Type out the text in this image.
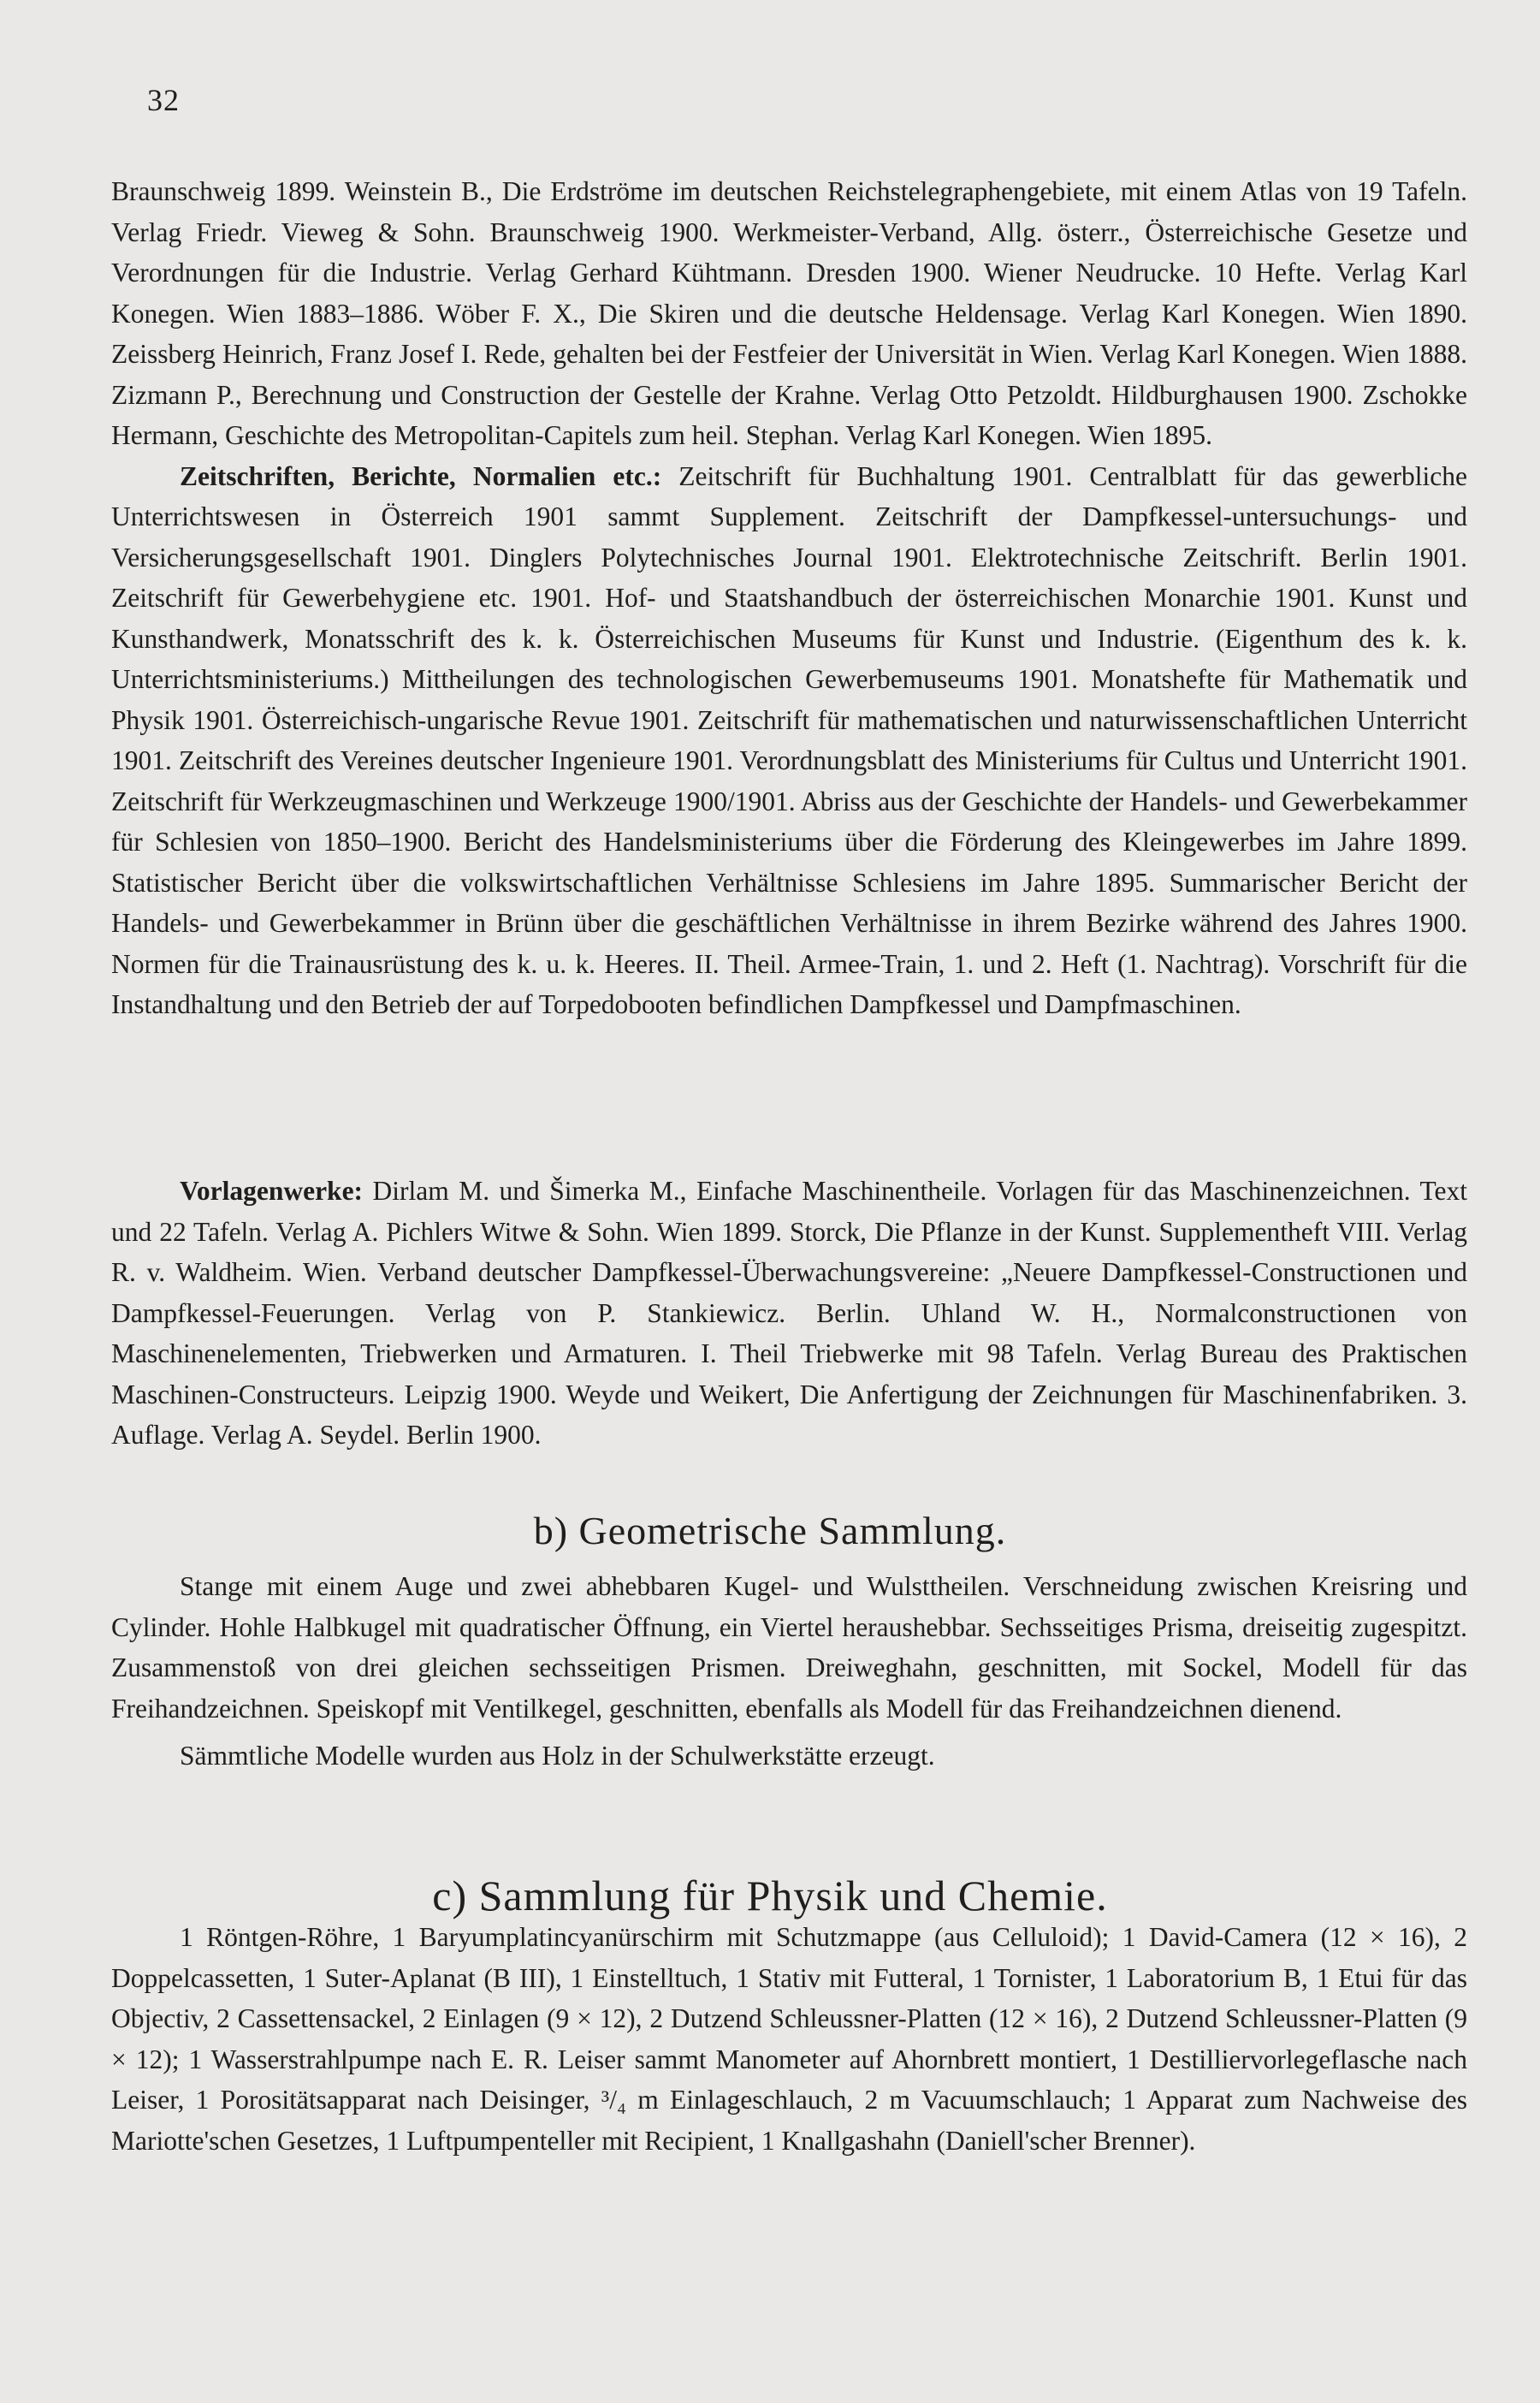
32

Braunschweig 1899. Weinstein B., Die Erdströme im deutschen Reichstelegraphengebiete, mit einem Atlas von 19 Tafeln. Verlag Friedr. Vieweg & Sohn. Braunschweig 1900. Werkmeister-Verband, Allg. österr., Österreichische Gesetze und Verordnungen für die Industrie. Verlag Gerhard Kühtmann. Dresden 1900. Wiener Neudrucke. 10 Hefte. Verlag Karl Konegen. Wien 1883–1886. Wöber F. X., Die Skiren und die deutsche Heldensage. Verlag Karl Konegen. Wien 1890. Zeissberg Heinrich, Franz Josef I. Rede, gehalten bei der Festfeier der Universität in Wien. Verlag Karl Konegen. Wien 1888. Zizmann P., Berechnung und Construction der Gestelle der Krahne. Verlag Otto Petzoldt. Hildburghausen 1900. Zschokke Hermann, Geschichte des Metropolitan-Capitels zum heil. Stephan. Verlag Karl Konegen. Wien 1895.

Zeitschriften, Berichte, Normalien etc.: Zeitschrift für Buchhaltung 1901. Centralblatt für das gewerbliche Unterrichtswesen in Österreich 1901 sammt Supplement. Zeitschrift der Dampfkessel-untersuchungs- und Versicherungsgesellschaft 1901. Dinglers Polytechnisches Journal 1901. Elektrotechnische Zeitschrift. Berlin 1901. Zeitschrift für Gewerbehygiene etc. 1901. Hof- und Staatshandbuch der österreichischen Monarchie 1901. Kunst und Kunsthandwerk, Monatsschrift des k. k. Österreichischen Museums für Kunst und Industrie. (Eigenthum des k. k. Unterrichtsministeriums.) Mittheilungen des technologischen Gewerbemuseums 1901. Monatshefte für Mathematik und Physik 1901. Österreichisch-ungarische Revue 1901. Zeitschrift für mathematischen und naturwissenschaftlichen Unterricht 1901. Zeitschrift des Vereines deutscher Ingenieure 1901. Verordnungsblatt des Ministeriums für Cultus und Unterricht 1901. Zeitschrift für Werkzeugmaschinen und Werkzeuge 1900/1901. Abriss aus der Geschichte der Handels- und Gewerbekammer für Schlesien von 1850–1900. Bericht des Handelsministeriums über die Förderung des Kleingewerbes im Jahre 1899. Statistischer Bericht über die volkswirtschaftlichen Verhältnisse Schlesiens im Jahre 1895. Summarischer Bericht der Handels- und Gewerbekammer in Brünn über die geschäftlichen Verhältnisse in ihrem Bezirke während des Jahres 1900. Normen für die Trainausrüstung des k. u. k. Heeres. II. Theil. Armee-Train, 1. und 2. Heft (1. Nachtrag). Vorschrift für die Instandhaltung und den Betrieb der auf Torpedobooten befindlichen Dampfkessel und Dampfmaschinen.

Vorlagenwerke: Dirlam M. und Šimerka M., Einfache Maschinentheile. Vorlagen für das Maschinenzeichnen. Text und 22 Tafeln. Verlag A. Pichlers Witwe & Sohn. Wien 1899. Storck, Die Pflanze in der Kunst. Supplementheft VIII. Verlag R. v. Waldheim. Wien. Verband deutscher Dampfkessel-Überwachungsvereine: „Neuere Dampfkessel-Constructionen und Dampfkessel-Feuerungen. Verlag von P. Stankiewicz. Berlin. Uhland W. H., Normalconstructionen von Maschinenelementen, Triebwerken und Armaturen. I. Theil Triebwerke mit 98 Tafeln. Verlag Bureau des Praktischen Maschinen-Constructeurs. Leipzig 1900. Weyde und Weikert, Die Anfertigung der Zeichnungen für Maschinenfabriken. 3. Auflage. Verlag A. Seydel. Berlin 1900.

b) Geometrische Sammlung.

Stange mit einem Auge und zwei abhebbaren Kugel- und Wulsttheilen. Verschneidung zwischen Kreisring und Cylinder. Hohle Halbkugel mit quadratischer Öffnung, ein Viertel heraushebbar. Sechsseitiges Prisma, dreiseitig zugespitzt. Zusammenstoß von drei gleichen sechsseitigen Prismen. Dreiweghahn, geschnitten, mit Sockel, Modell für das Freihandzeichnen. Speiskopf mit Ventilkegel, geschnitten, ebenfalls als Modell für das Freihandzeichnen dienend.

Sämmtliche Modelle wurden aus Holz in der Schulwerkstätte erzeugt.

c) Sammlung für Physik und Chemie.

1 Röntgen-Röhre, 1 Baryumplatincyanürschirm mit Schutzmappe (aus Celluloid); 1 David-Camera (12 × 16), 2 Doppelcassetten, 1 Suter-Aplanat (B III), 1 Einstelltuch, 1 Stativ mit Futteral, 1 Tornister, 1 Laboratorium B, 1 Etui für das Objectiv, 2 Cassettensackel, 2 Einlagen (9 × 12), 2 Dutzend Schleussner-Platten (12 × 16), 2 Dutzend Schleussner-Platten (9 × 12); 1 Wasserstrahlpumpe nach E. R. Leiser sammt Manometer auf Ahornbrett montiert, 1 Destilliervorlegeflasche nach Leiser, 1 Porositätsapparat nach Deisinger, ³/₄ m Einlageschlauch, 2 m Vacuumschlauch; 1 Apparat zum Nachweise des Mariotte'schen Gesetzes, 1 Luftpumpenteller mit Recipient, 1 Knallgashahn (Daniell'scher Brenner).
